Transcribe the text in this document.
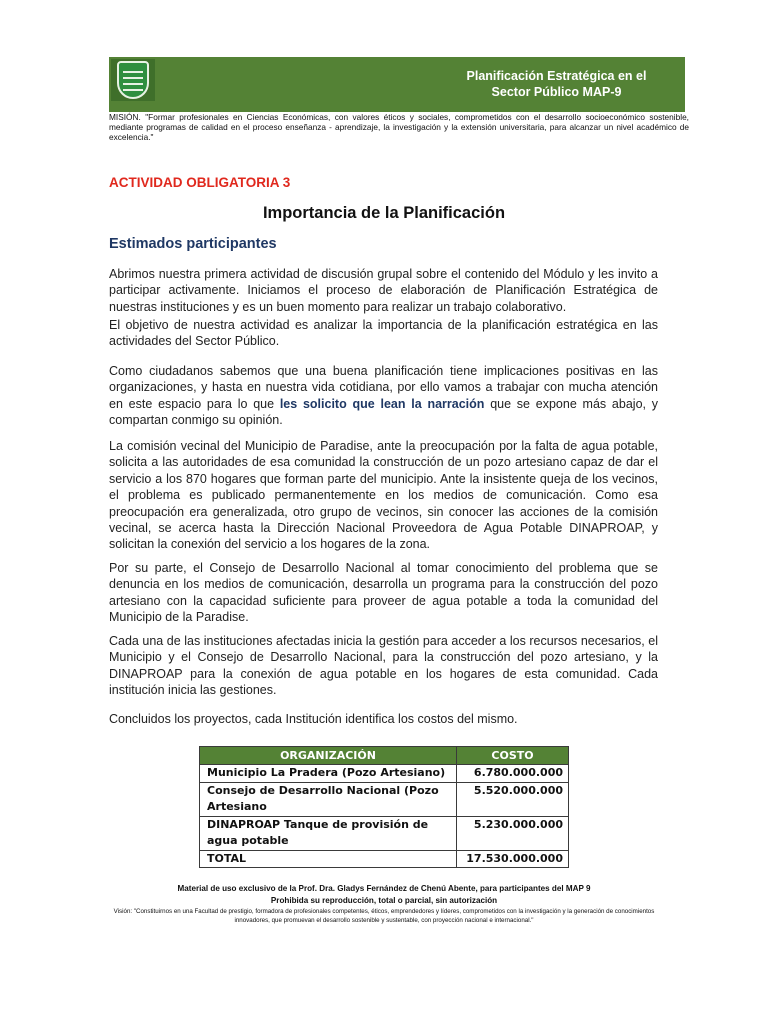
Planificación Estratégica en el Sector Público MAP-9
MISIÓN. "Formar profesionales en Ciencias Económicas, con valores éticos y sociales, comprometidos con el desarrollo socioeconómico sostenible, mediante programas de calidad en el proceso enseñanza - aprendizaje, la investigación y la extensión universitaria, para alcanzar un nivel académico de excelencia."
ACTIVIDAD OBLIGATORIA 3
Importancia de la Planificación
Estimados participantes
Abrimos nuestra primera actividad de discusión grupal sobre el contenido del Módulo y les invito a participar activamente. Iniciamos el proceso de elaboración de Planificación Estratégica de nuestras instituciones y es un buen momento para realizar un trabajo colaborativo.
El objetivo de nuestra actividad es analizar la importancia de la planificación estratégica en las actividades del Sector Público.
Como ciudadanos sabemos que una buena planificación tiene implicaciones positivas en las organizaciones, y hasta en nuestra vida cotidiana, por ello vamos a trabajar con mucha atención en este espacio para lo que les solicito que lean la narración que se expone más abajo, y compartan conmigo su opinión.
La comisión vecinal del Municipio de Paradise, ante la preocupación por la falta de agua potable, solicita a las autoridades de esa comunidad la construcción de un pozo artesiano capaz de dar el servicio a los 870 hogares que forman parte del municipio. Ante la insistente queja de los vecinos, el problema es publicado permanentemente en los medios de comunicación. Como esa preocupación era generalizada, otro grupo de vecinos, sin conocer las acciones de la comisión vecinal, se acerca hasta la Dirección Nacional Proveedora de Agua Potable DINAPROAP, y solicitan la conexión del servicio a los hogares de la zona.
Por su parte, el Consejo de Desarrollo Nacional al tomar conocimiento del problema que se denuncia en los medios de comunicación, desarrolla un programa para la construcción del pozo artesiano con la capacidad suficiente para proveer de agua potable a toda la comunidad del Municipio de la Paradise.
Cada una de las instituciones afectadas inicia la gestión para acceder a los recursos necesarios, el Municipio y el Consejo de Desarrollo Nacional, para la construcción del pozo artesiano, y la DINAPROAP para la conexión de agua potable en los hogares de esta comunidad. Cada institución inicia las gestiones.
Concluidos los proyectos, cada Institución identifica los costos del mismo.
ORGANIZACIÓN	COSTO
Municipio La Pradera (Pozo Artesiano)	6.780.000.000
Consejo de Desarrollo Nacional (Pozo Artesiano	5.520.000.000
DINAPROAP Tanque de provisión de agua potable	5.230.000.000
TOTAL	17.530.000.000
Material de uso exclusivo de la Prof. Dra. Gladys Fernández de Chenú Abente, para participantes del MAP 9
Prohibida su reproducción, total o parcial, sin autorización
Visión: "Constituirnos en una Facultad de prestigio, formadora de profesionales competentes, éticos, emprendedores y líderes, comprometidos con la investigación y la generación de conocimientos innovadores, que promuevan el desarrollo sostenible y sustentable, con proyección nacional e internacional."
